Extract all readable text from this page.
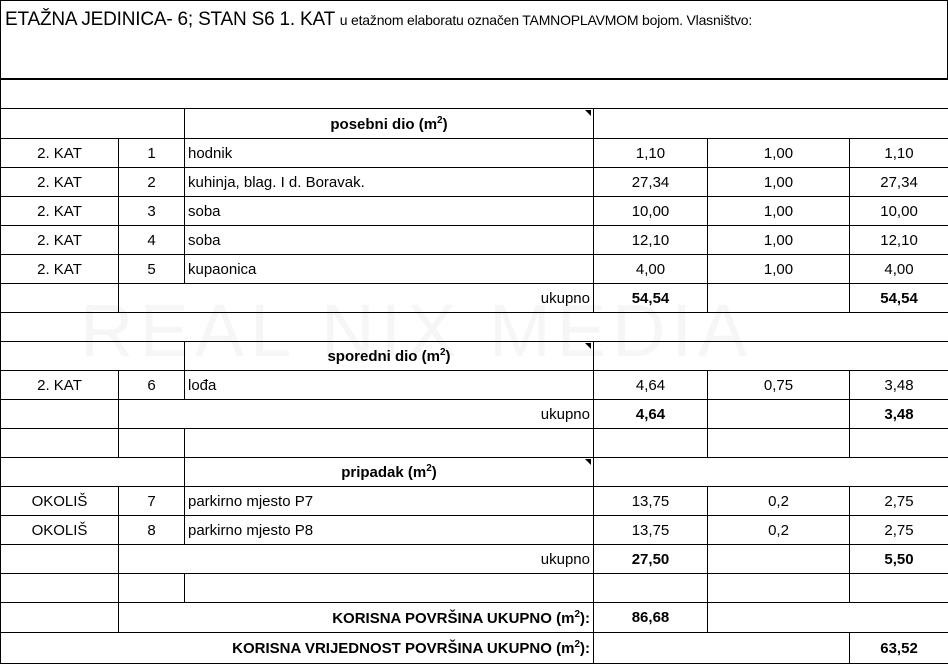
ETAŽNA JEDINICA- 6; STAN S6 1. KAT u etažnom elaboratu označen TAMNOPLAVMOM bojom. Vlasništvo:

		posebni dio $(m^2)$			
2. KAT	1	hodnik	1,10	1,00	1,10
2. KAT	2	kuhinja, blag. I d. Boravak.	27,34	1,00	27,34
2. KAT	3	soba	10,00	1,00	10,00
2. KAT	4	soba	12,10	1,00	12,10
2. KAT	5	kupaonica	4,00	1,00	4,00
	ukupno		54,54		54,54

		sporedni dio $(m^2)$			
2. KAT	6	lođa	4,64	0,75	3,48
	ukupno		4,64		3,48

		pripadak $(m^2)$			
OKOLIŠ	7	parkirno mjesto P7	13,75	0,2	2,75
OKOLIŠ	8	parkirno mjesto P8	13,75	0,2	2,75
	ukupno		27,50		5,50

	KORISNA POVRŠINA UKUPNO $(m^2)$:		86,68		
KORISNA VRIJEDNOST POVRŠINA UKUPNO $(m^2)$:					63,52
